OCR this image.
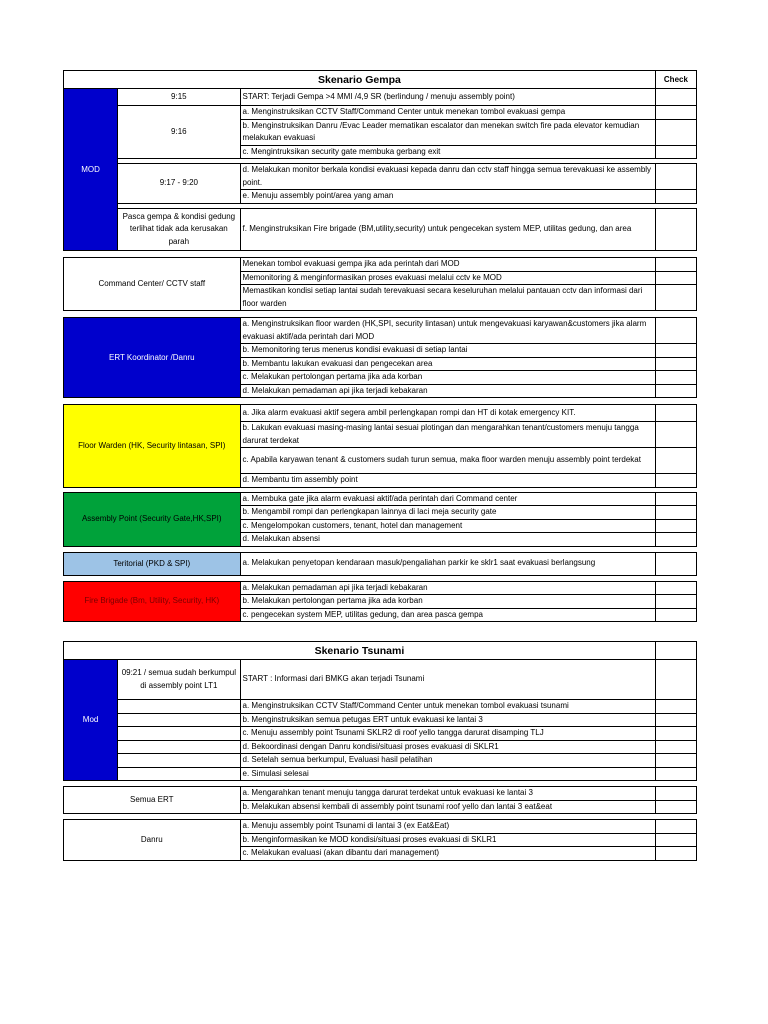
Skenario Gempa			Check
MOD	9:15	START: Terjadi Gempa >4 MMI /4,9 SR (berlindung / menuju assembly point)	
	9:16	a. Menginstruksikan CCTV Staff/Command Center untuk menekan tombol evakuasi gempa	
		b. Menginstruksikan Danru /Evac Leader mematikan escalator dan menekan switch fire pada elevator kemudian melakukan evakuasi	
		c. Mengintruksikan security gate membuka gerbang exit	

	9:17 - 9:20	d. Melakukan monitor berkala kondisi evakuasi kepada danru dan cctv staff hingga semua terevakuasi ke assembly point.	
		e. Menuju assembly point/area yang aman	

	Pasca gempa & kondisi gedung terlihat tidak ada kerusakan parah	f. Menginstruksikan Fire brigade (BM,utility,security) untuk pengecekan system MEP, utilitas gedung, dan area	

Command Center/ CCTV staff		Menekan tombol evakuasi gempa jika ada perintah dari MOD	
		Memonitoring & menginformasikan proses evakuasi melalui cctv ke MOD	
		Memastikan kondisi setiap lantai sudah terevakuasi secara keseluruhan melalui pantauan cctv dan informasi dari floor warden	

ERT Koordinator /Danru		a. Menginstruksikan floor warden (HK,SPI, security lintasan) untuk mengevakuasi karyawan&customers jika alarm evakuasi aktif/ada perintah dari MOD	
		b. Memonitoring terus menerus kondisi evakuasi di setiap lantai	
		b. Membantu lakukan evakuasi dan pengecekan area	
		c. Melakukan pertolongan pertama jika ada korban	
		d. Melakukan pemadaman api jika terjadi kebakaran	

Floor Warden (HK, Security lintasan, SPI)		a. Jika alarm evakuasi aktif segera ambil perlengkapan rompi dan HT di kotak emergency KIT.	
		b. Lakukan evakuasi masing-masing lantai sesuai plotingan dan mengarahkan tenant/customers menuju tangga darurat terdekat	
		c. Apabila karyawan tenant & customers sudah turun semua, maka floor warden menuju assembly point terdekat	
		d. Membantu tim assembly point	

Assembly Point (Security Gate,HK,SPI)		a. Membuka gate jika alarm evakuasi aktif/ada perintah dari Command center	
		b. Mengambil rompi dan perlengkapan lainnya di laci meja security gate	
		c. Mengelompokan customers, tenant, hotel dan management	
		d. Melakukan absensi	

Teritorial (PKD & SPI)		a. Melakukan penyetopan kendaraan masuk/pengaliahan parkir ke sklr1 saat evakuasi berlangsung	

Fire Brigade (Bm, Utility, Security, HK)		a. Melakukan pemadaman api jika terjadi kebakaran	
		b. Melakukan pertolongan pertama jika ada korban	
		c. pengecekan system MEP, utilitas gedung, dan area pasca gempa	
Skenario Tsunami			
Mod	09:21 / semua sudah berkumpul di assembly point LT1	START : Informasi dari BMKG akan terjadi Tsunami	
		a. Menginstruksikan CCTV Staff/Command Center untuk menekan tombol evakuasi tsunami	
		b. Menginstruksikan semua petugas ERT untuk evakuasi ke lantai 3	
		c. Menuju assembly point Tsunami SKLR2 di roof yello tangga darurat disamping TLJ	
		d. Bekoordinasi dengan Danru kondisi/situasi proses evakuasi di SKLR1	
		d. Setelah semua berkumpul, Evaluasi hasil pelatihan	
		e. Simulasi selesai	

Semua ERT		a. Mengarahkan tenant menuju tangga darurat terdekat untuk evakuasi ke lantai 3	
		b. Melakukan absensi kembali di assembly point tsunami roof yello dan lantai 3 eat&eat	

Danru		a. Menuju assembly point Tsunami di lantai 3 (ex Eat&Eat)	
		b. Menginformasikan ke MOD kondisi/situasi proses evakuasi di SKLR1	
		c. Melakukan evaluasi (akan dibantu dari management)	
